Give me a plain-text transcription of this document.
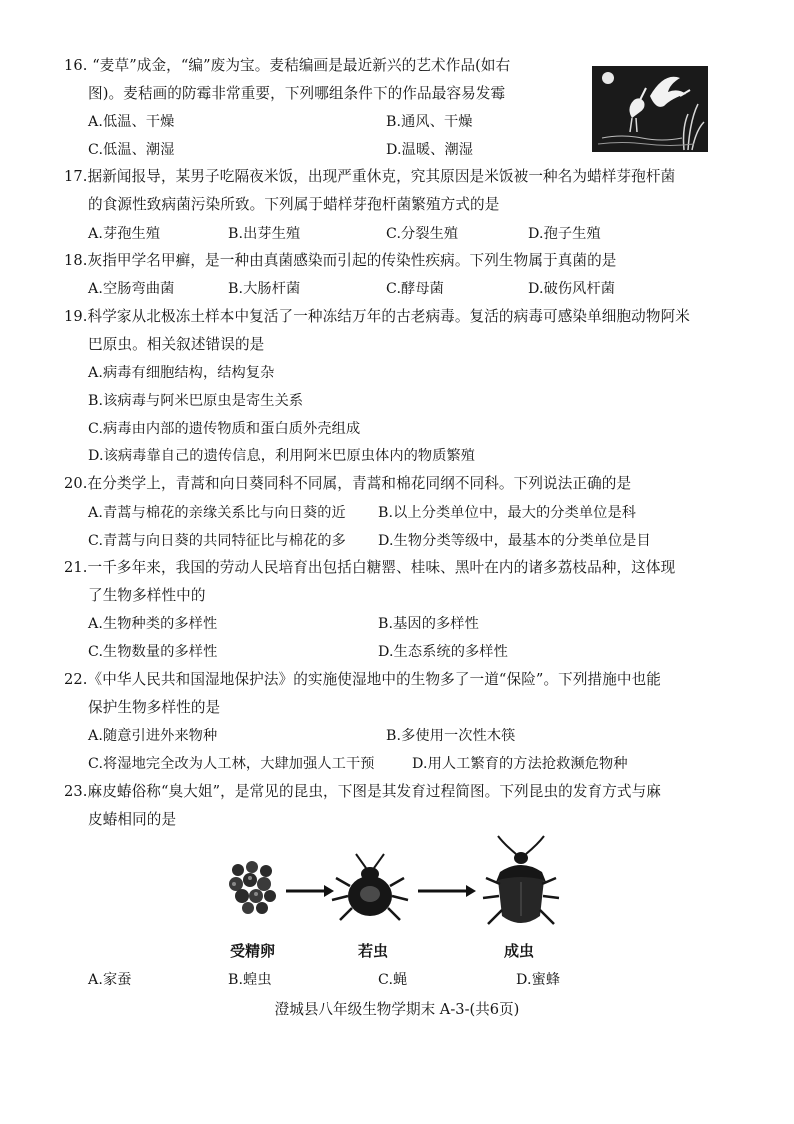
16. “麦草”成金，“编”废为宝。麦秸编画是最近新兴的艺术作品(如右
图)。麦秸画的防霉非常重要，下列哪组条件下的作品最容易发霉
A.低温、干燥	B.通风、干燥
C.低温、潮湿	D.温暖、潮湿
17.据新闻报导，某男子吃隔夜米饭，出现严重休克，究其原因是米饭被一种名为蜡样芽孢杆菌
的食源性致病菌污染所致。下列属于蜡样芽孢杆菌繁殖方式的是
A.芽孢生殖	B.出芽生殖	C.分裂生殖	D.孢子生殖
18.灰指甲学名甲癣，是一种由真菌感染而引起的传染性疾病。下列生物属于真菌的是
A.空肠弯曲菌	B.大肠杆菌	C.酵母菌	D.破伤风杆菌
19.科学家从北极冻土样本中复活了一种冻结万年的古老病毒。复活的病毒可感染单细胞动物阿米
巴原虫。相关叙述错误的是
A.病毒有细胞结构，结构复杂
B.该病毒与阿米巴原虫是寄生关系
C.病毒由内部的遗传物质和蛋白质外壳组成
D.该病毒靠自己的遗传信息，利用阿米巴原虫体内的物质繁殖
20.在分类学上，青蒿和向日葵同科不同属，青蒿和棉花同纲不同科。下列说法正确的是
A.青蒿与棉花的亲缘关系比与向日葵的近 B.以上分类单位中，最大的分类单位是科
C.青蒿与向日葵的共同特征比与棉花的多 D.生物分类等级中，最基本的分类单位是目
21.一千多年来，我国的劳动人民培育出包括白糖罂、桂味、黑叶在内的诸多荔枝品种，这体现
了生物多样性中的
A.生物种类的多样性	B.基因的多样性
C.生物数量的多样性	D.生态系统的多样性
22.《中华人民共和国湿地保护法》的实施使湿地中的生物多了一道“保险”。下列措施中也能
保护生物多样性的是
A.随意引进外来物种	B.多使用一次性木筷
C.将湿地完全改为人工林，大肆加强人工干预	D.用人工繁育的方法抢救濒危物种
23.麻皮蝽俗称“臭大姐”，是常见的昆虫，下图是其发育过程简图。下列昆虫的发育方式与麻
皮蝽相同的是
受精卵	若虫	成虫
A.家蚕	B.蝗虫	C.蝇	D.蜜蜂
澄城县八年级生物学期末 A-3-(共6页)
